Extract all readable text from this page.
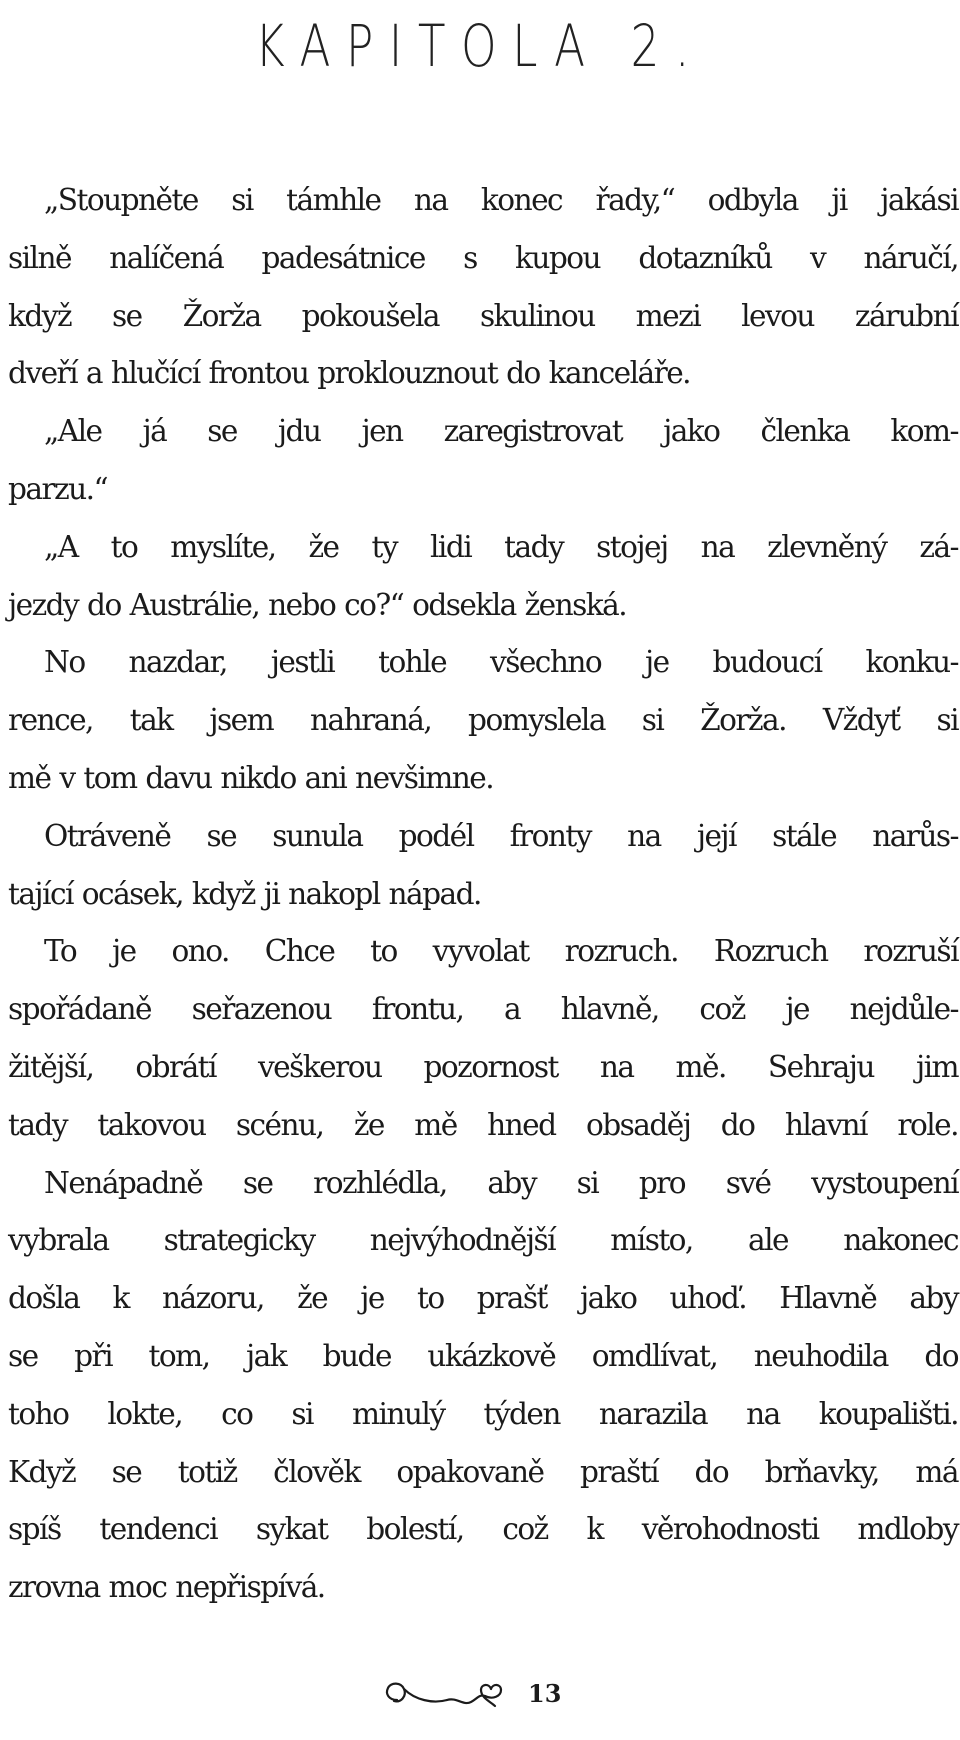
KAPITOLA 2.
„Stoupněte si támhle na konec řady,“ odbyla ji jakási
silně nalíčená padesátnice s kupou dotazníků v náručí,
když se Žorža pokoušela skulinou mezi levou zárubní
dveří a hlučící frontou proklouznout do kanceláře.
„Ale já se jdu jen zaregistrovat jako členka kom-
parzu.“
„A to myslíte, že ty lidi tady stojej na zlevněný zá-
jezdy do Austrálie, nebo co?“ odsekla ženská.
No nazdar, jestli tohle všechno je budoucí konku-
rence, tak jsem nahraná, pomyslela si Žorža. Vždyť si
mě v tom davu nikdo ani nevšimne.
Otráveně se sunula podél fronty na její stále narůs-
tající ocásek, když ji nakopl nápad.
To je ono. Chce to vyvolat rozruch. Rozruch rozruší
spořádaně seřazenou frontu, a hlavně, což je nejdůle-
žitější, obrátí veškerou pozornost na mě. Sehraju jim
tady takovou scénu, že mě hned obsaděj do hlavní role.
Nenápadně se rozhlédla, aby si pro své vystoupení
vybrala strategicky nejvýhodnější místo, ale nakonec
došla k názoru, že je to prašť jako uhoď. Hlavně aby
se při tom, jak bude ukázkově omdlívat, neuhodila do
toho lokte, co si minulý týden narazila na koupališti.
Když se totiž člověk opakovaně praští do brňavky, má
spíš tendenci sykat bolestí, což k věrohodnosti mdloby
zrovna moc nepřispívá.
13
